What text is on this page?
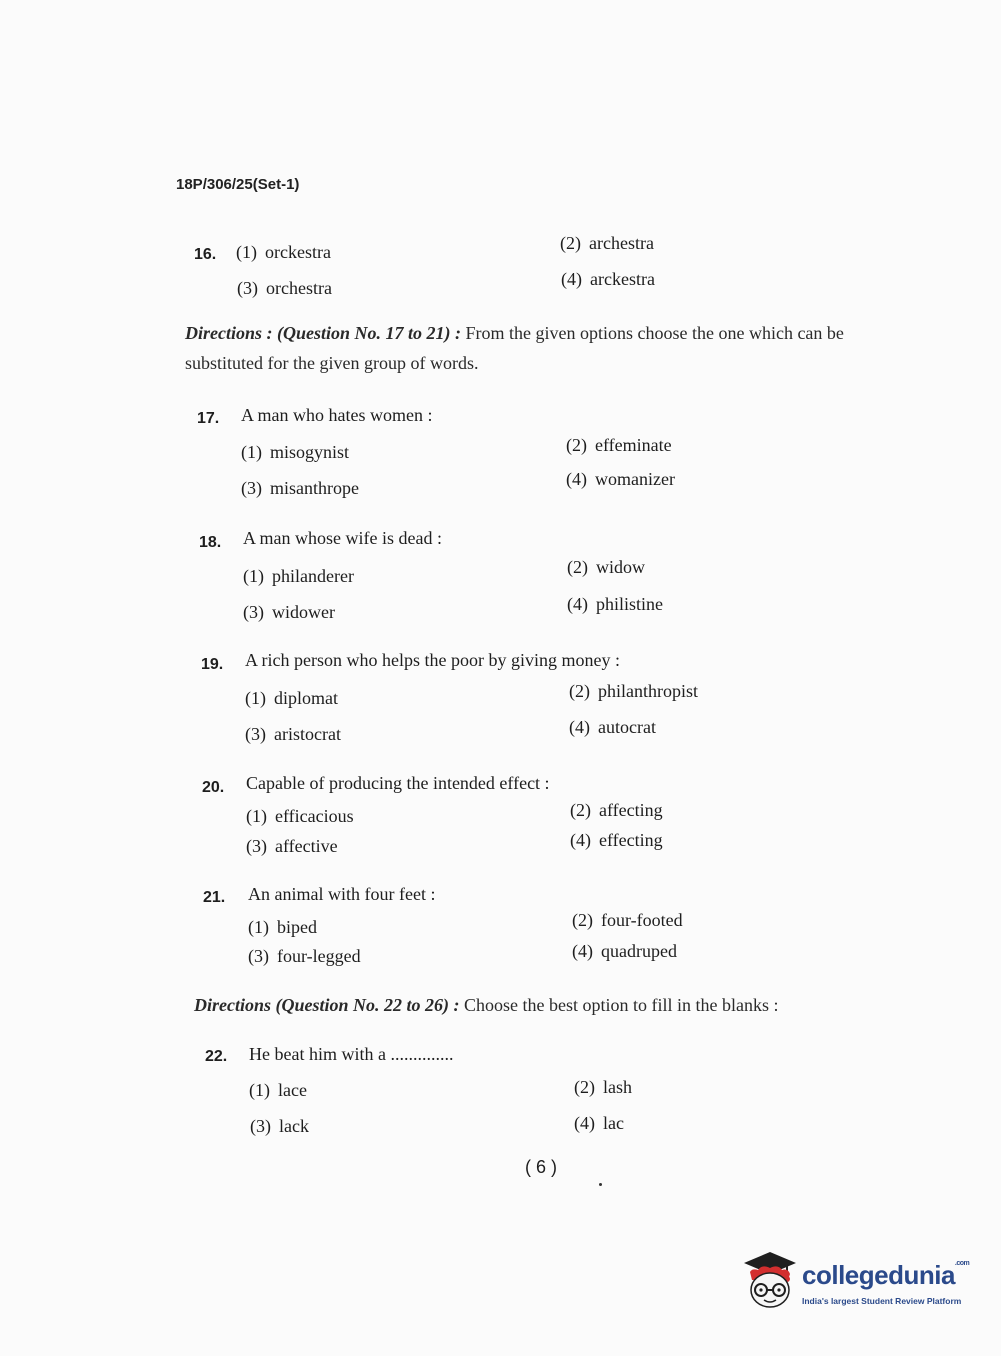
18P/306/25(Set-1)
16. (1) orckestra	(2) archestra
(3) orchestra	(4) arckestra
Directions : (Question No. 17 to 21) : From the given options choose the one which can be substituted for the given group of words.
17. A man who hates women :
(1) misogynist	(2) effeminate
(3) misanthrope	(4) womanizer
18. A man whose wife is dead :
(1) philanderer	(2) widow
(3) widower	(4) philistine
19. A rich person who helps the poor by giving money :
(1) diplomat	(2) philanthropist
(3) aristocrat	(4) autocrat
20. Capable of producing the intended effect :
(1) efficacious	(2) affecting
(3) affective	(4) effecting
21. An animal with four feet :
(1) biped	(2) four-footed
(3) four-legged	(4) quadruped
Directions (Question No. 22 to 26) : Choose the best option to fill in the blanks :
22. He beat him with a ..............
(1) lace	(2) lash
(3) lack	(4) lac
( 6 )
collegedunia$^{.com}$
India's largest Student Review Platform
